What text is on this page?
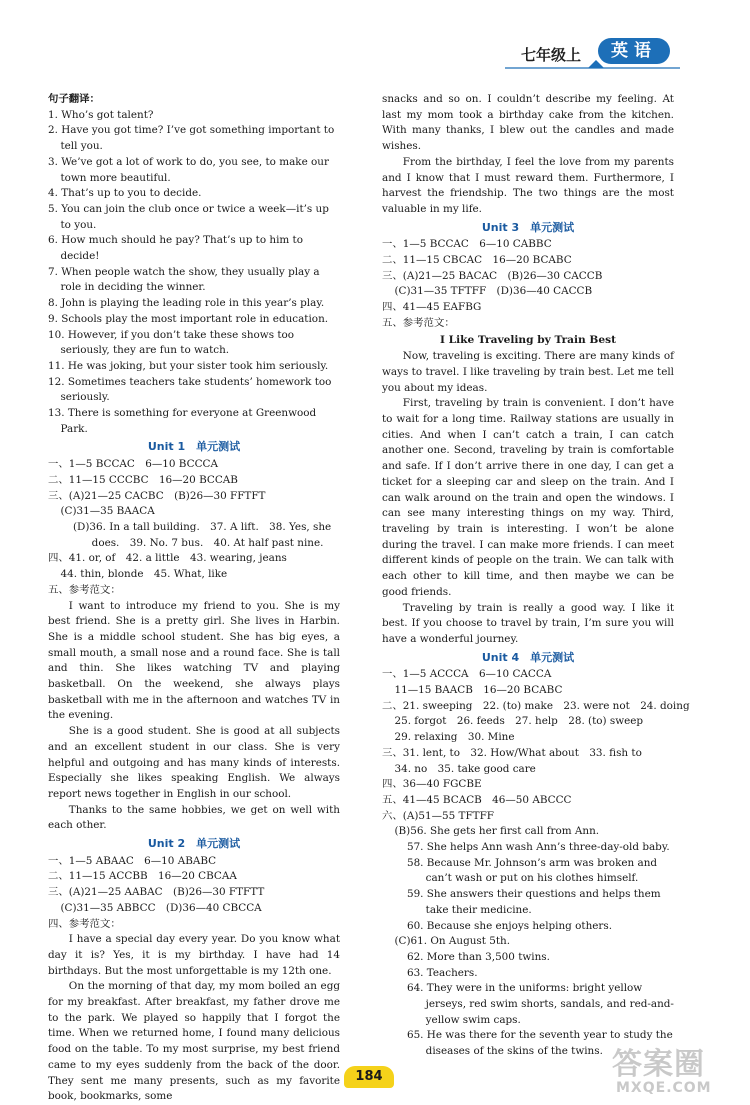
七年级上	英语
句子翻译：
1. Who’s got talent?
2. Have you got time? I’ve got something important to tell you.
3. We’ve got a lot of work to do, you see, to make our town more beautiful.
4. That’s up to you to decide.
5. You can join the club once or twice a week—it’s up to you.
6. How much should he pay? That’s up to him to decide!
7. When people watch the show, they usually play a role in deciding the winner.
8. John is playing the leading role in this year’s play.
9. Schools play the most important role in education.
10. However, if you don’t take these shows too seriously, they are fun to watch.
11. He was joking, but your sister took him seriously.
12. Sometimes teachers take students’ homework too seriously.
13. There is something for everyone at Greenwood Park.
Unit 1　单元测试
一、1—5 BCCAC　6—10 BCCCA
二、11—15 CCCBC　16—20 BCCAB
三、(A)21—25 CACBC　(B)26—30 FFTFT
(C)31—35 BAACA
(D)36. In a tall building.　37. A lift.　38. Yes, she does.　39. No. 7 bus.　40. At half past nine.
四、41. or, of　42. a little　43. wearing, jeans
44. thin, blonde　45. What, like
五、参考范文：
I want to introduce my friend to you. She is my best friend. She is a pretty girl. She lives in Harbin. She is a middle school student. She has big eyes, a small mouth, a small nose and a round face. She is tall and thin. She likes watching TV and playing basketball. On the weekend, she always plays basketball with me in the afternoon and watches TV in the evening.
She is a good student. She is good at all subjects and an excellent student in our class. She is very helpful and outgoing and has many kinds of interests. Especially she likes speaking English. We always report news together in English in our school.
Thanks to the same hobbies, we get on well with each other.
Unit 2　单元测试
一、1—5 ABAAC　6—10 ABABC
二、11—15 ACCBB　16—20 CBCAA
三、(A)21—25 AABAC　(B)26—30 FTFTT
(C)31—35 ABBCC　(D)36—40 CBCCA
四、参考范文：
I have a special day every year. Do you know what day it is? Yes, it is my birthday. I have had 14 birthdays. But the most unforgettable is my 12th one.
On the morning of that day, my mom boiled an egg for my breakfast. After breakfast, my father drove me to the park. We played so happily that I forgot the time. When we returned home, I found many delicious food on the table. To my most surprise, my best friend came to my eyes suddenly from the back of the door. They sent me many presents, such as my favorite book, bookmarks, some
snacks and so on. I couldn’t describe my feeling. At last my mom took a birthday cake from the kitchen. With many thanks, I blew out the candles and made wishes.
From the birthday, I feel the love from my parents and I know that I must reward them. Furthermore, I harvest the friendship. The two things are the most valuable in my life.
Unit 3　单元测试
一、1—5 BCCAC　6—10 CABBC
二、11—15 CBCAC　16—20 BCABC
三、(A)21—25 BACAC　(B)26—30 CACCB
(C)31—35 TFTFF　(D)36—40 CACCB
四、41—45 EAFBG
五、参考范文：
I Like Traveling by Train Best
Now, traveling is exciting. There are many kinds of ways to travel. I like traveling by train best. Let me tell you about my ideas.
First, traveling by train is convenient. I don’t have to wait for a long time. Railway stations are usually in cities. And when I can’t catch a train, I can catch another one. Second, traveling by train is comfortable and safe. If I don’t arrive there in one day, I can get a ticket for a sleeping car and sleep on the train. And I can walk around on the train and open the windows. I can see many interesting things on my way. Third, traveling by train is interesting. I won’t be alone during the travel. I can make more friends. I can meet different kinds of people on the train. We can talk with each other to kill time, and then maybe we can be good friends.
Traveling by train is really a good way. I like it best. If you choose to travel by train, I’m sure you will have a wonderful journey.
Unit 4　单元测试
一、1—5 ACCCA　6—10 CACCA
11—15 BAACB　16—20 BCABC
二、21. sweeping　22. (to) make　23. were not　24. doing
25. forgot　26. feeds　27. help　28. (to) sweep
29. relaxing　30. Mine
三、31. lent, to　32. How/What about　33. fish to
34. no　35. take good care
四、36—40 FGCBE
五、41—45 BCACB　46—50 ABCCC
六、(A)51—55 TFTFF
(B)56. She gets her first call from Ann.
57. She helps Ann wash Ann’s three-day-old baby.
58. Because Mr. Johnson’s arm was broken and can’t wash or put on his clothes himself.
59. She answers their questions and helps them take their medicine.
60. Because she enjoys helping others.
(C)61. On August 5th.
62. More than 3,500 twins.
63. Teachers.
64. They were in the uniforms: bright yellow jerseys, red swim shorts, sandals, and red-and-yellow swim caps.
65. He was there for the seventh year to study the diseases of the skins of the twins.
184	答案圈
MXQE.COM
